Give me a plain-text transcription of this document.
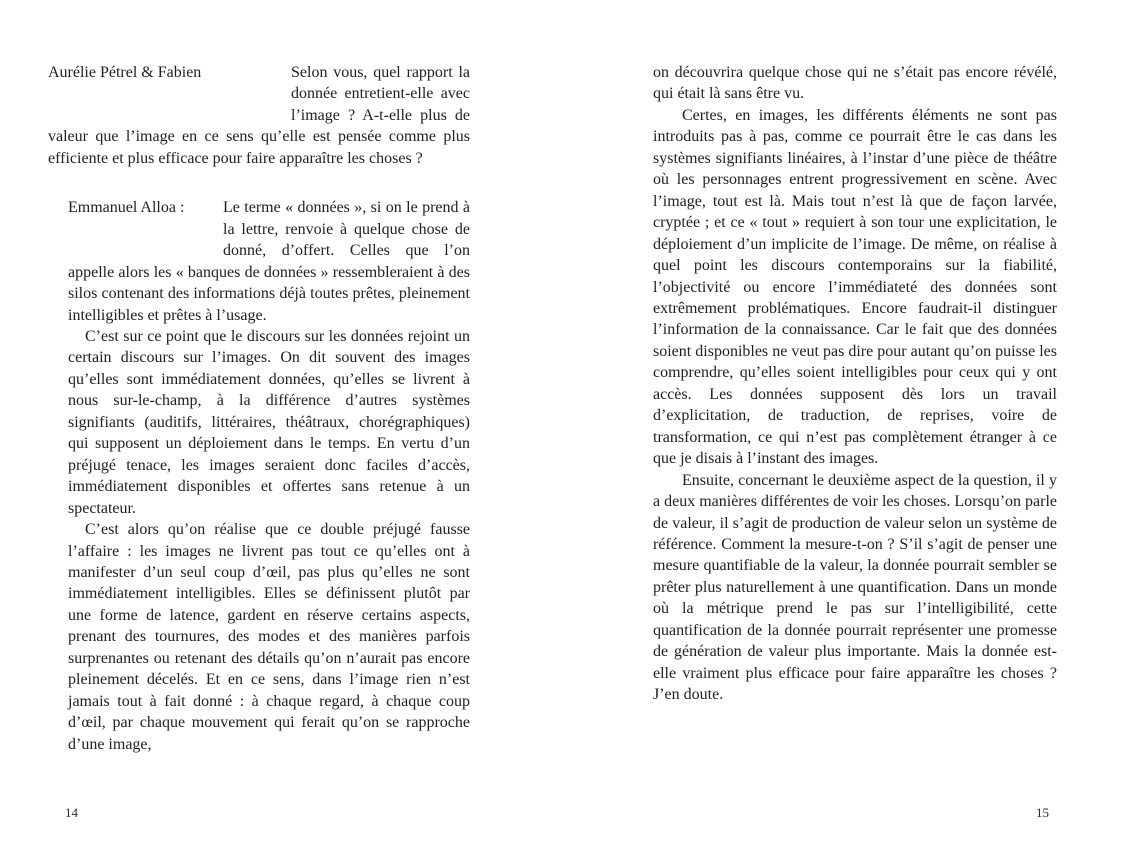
Aurélie Pétrel & Fabien	Selon vous, quel rapport la donnée entretient-elle avec l’image ? A-t-elle plus de valeur que l’image en ce sens qu’elle est pensée comme plus efficiente et plus efficace pour faire apparaître les choses ?

Emmanuel Alloa :	Le terme « données », si on le prend à la lettre, renvoie à quelque chose de donné, d’offert. Celles que l’on appelle alors les « banques de données » ressembleraient à des silos contenant des informations déjà toutes prêtes, pleinement intelligibles et prêtes à l’usage.

C’est sur ce point que le discours sur les données rejoint un certain discours sur l’images. On dit souvent des images qu’elles sont immédiatement données, qu’elles se livrent à nous sur-le-champ, à la différence d’autres systèmes signifiants (auditifs, littéraires, théâtraux, chorégraphiques) qui supposent un déploiement dans le temps. En vertu d’un préjugé tenace, les images seraient donc faciles d’accès, immédiatement disponibles et offertes sans retenue à un spectateur.

C’est alors qu’on réalise que ce double préjugé fausse l’affaire : les images ne livrent pas tout ce qu’elles ont à manifester d’un seul coup d’œil, pas plus qu’elles ne sont immédiatement intelligibles. Elles se définissent plutôt par une forme de latence, gardent en réserve certains aspects, prenant des tournures, des modes et des manières parfois surprenantes ou retenant des détails qu’on n’aurait pas encore pleinement décelés. Et en ce sens, dans l’image rien n’est jamais tout à fait donné : à chaque regard, à chaque coup d’œil, par chaque mouvement qui ferait qu’on se rapproche d’une image,

on découvrira quelque chose qui ne s’était pas encore révélé, qui était là sans être vu.

Certes, en images, les différents éléments ne sont pas introduits pas à pas, comme ce pourrait être le cas dans les systèmes signifiants linéaires, à l’instar d’une pièce de théâtre où les personnages entrent progressivement en scène. Avec l’image, tout est là. Mais tout n’est là que de façon larvée, cryptée ; et ce « tout » requiert à son tour une explicitation, le déploiement d’un implicite de l’image. De même, on réalise à quel point les discours contemporains sur la fiabilité, l’objectivité ou encore l’immédiateté des données sont extrêmement problématiques. Encore faudrait-il distinguer l’information de la connaissance. Car le fait que des données soient disponibles ne veut pas dire pour autant qu’on puisse les comprendre, qu’elles soient intelligibles pour ceux qui y ont accès. Les données supposent dès lors un travail d’explicitation, de traduction, de reprises, voire de transformation, ce qui n’est pas complètement étranger à ce que je disais à l’instant des images.

Ensuite, concernant le deuxième aspect de la question, il y a deux manières différentes de voir les choses. Lorsqu’on parle de valeur, il s’agit de production de valeur selon un système de référence. Comment la mesure-t-on ? S’il s’agit de penser une mesure quantifiable de la valeur, la donnée pourrait sembler se prêter plus naturellement à une quantification. Dans un monde où la métrique prend le pas sur l’intelligibilité, cette quantification de la donnée pourrait représenter une promesse de génération de valeur plus importante. Mais la donnée est-elle vraiment plus efficace pour faire apparaître les choses ? J’en doute.

14	15
